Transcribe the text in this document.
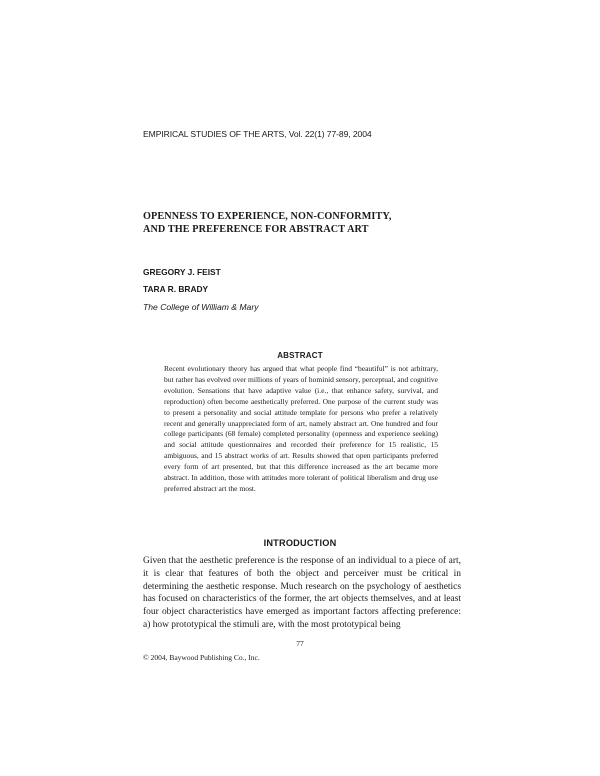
EMPIRICAL STUDIES OF THE ARTS, Vol. 22(1) 77-89, 2004
OPENNESS TO EXPERIENCE, NON-CONFORMITY,
AND THE PREFERENCE FOR ABSTRACT ART
GREGORY J. FEIST
TARA R. BRADY
The College of William & Mary
ABSTRACT

Recent evolutionary theory has argued that what people find “beautiful” is not arbitrary, but rather has evolved over millions of years of hominid sensory, perceptual, and cognitive evolution. Sensations that have adaptive value (i.e., that enhance safety, survival, and reproduction) often become aesthetically preferred. One purpose of the current study was to present a personality and social attitude template for persons who prefer a relatively recent and generally unappreciated form of art, namely abstract art. One hundred and four college participants (68 female) completed personality (openness and experience seeking) and social attitude questionnaires and recorded their preference for 15 realistic, 15 ambiguous, and 15 abstract works of art. Results showed that open participants preferred every form of art presented, but that this difference increased as the art became more abstract. In addition, those with attitudes more tolerant of political liberalism and drug use preferred abstract art the most.

INTRODUCTION

Given that the aesthetic preference is the response of an individual to a piece of art, it is clear that features of both the object and perceiver must be critical in determining the aesthetic response. Much research on the psychology of aesthetics has focused on characteristics of the former, the art objects themselves, and at least four object characteristics have emerged as important factors affecting preference: a) how prototypical the stimuli are, with the most prototypical being

77
© 2004, Baywood Publishing Co., Inc.
